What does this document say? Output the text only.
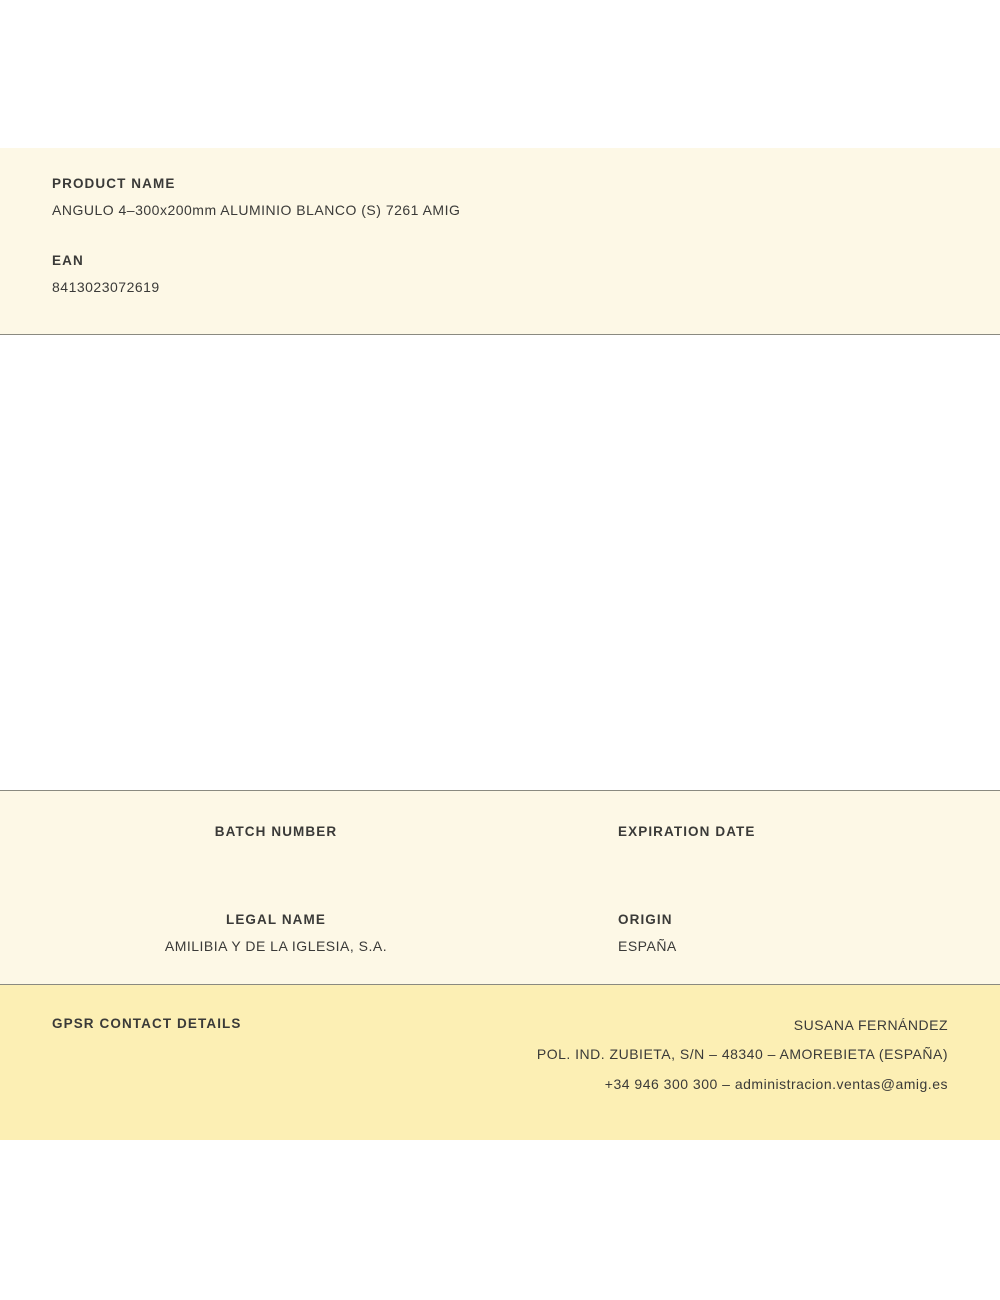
PRODUCT NAME

ANGULO 4–300x200mm ALUMINIO BLANCO (S) 7261 AMIG

EAN

8413023072619

BATCH NUMBER	EXPIRATION DATE

LEGAL NAME

AMILIBIA Y DE LA IGLESIA, S.A.

ORIGIN

ESPAÑA

GPSR CONTACT DETAILS	SUSANA FERNÁNDEZ

POL. IND. ZUBIETA, S/N – 48340 – AMOREBIETA (ESPAÑA)

+34 946 300 300 – administracion.ventas@amig.es
